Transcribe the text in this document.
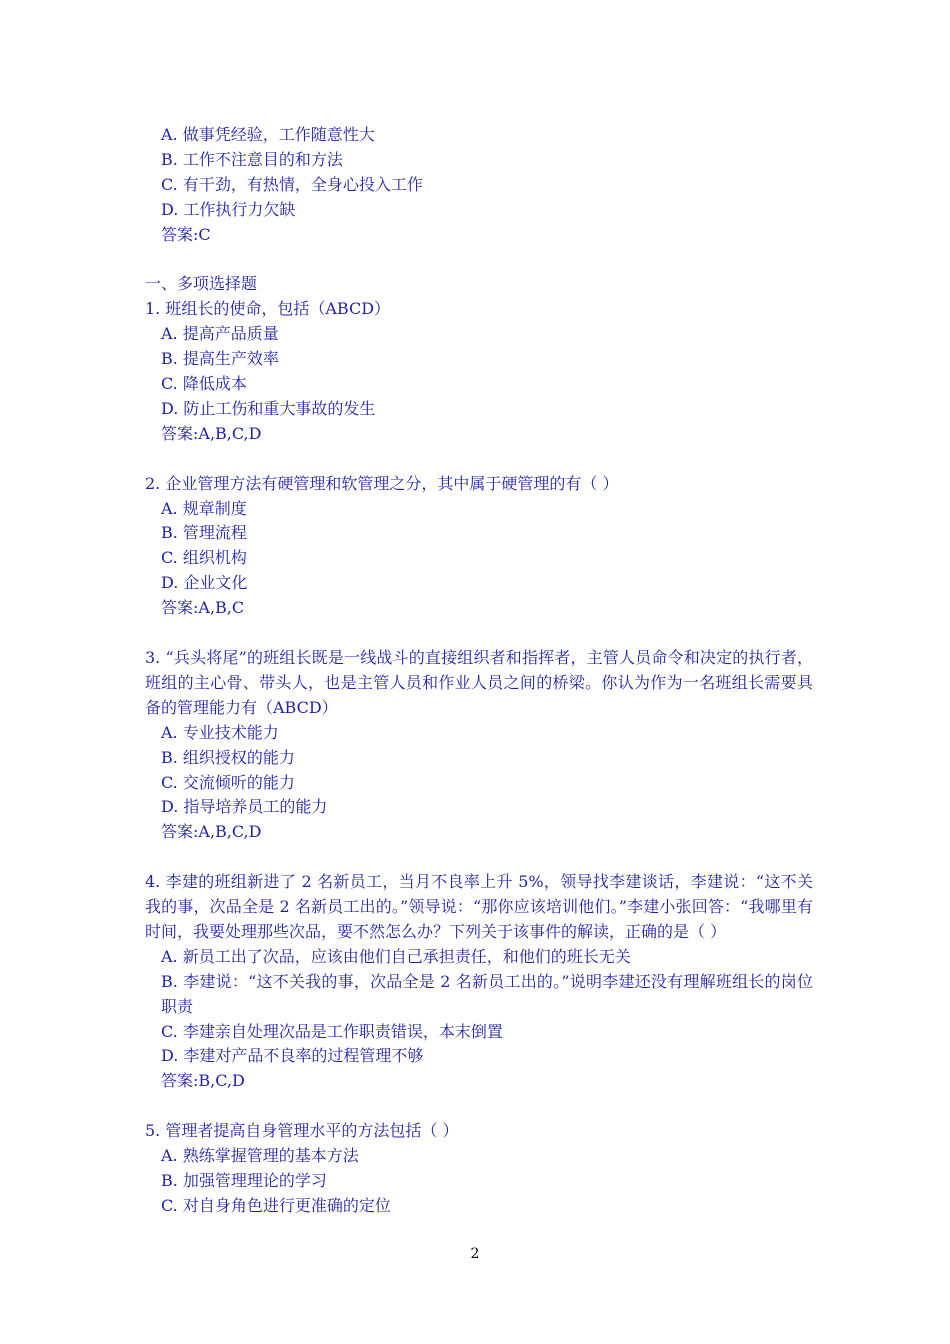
A. 做事凭经验，工作随意性大
B. 工作不注意目的和方法
C. 有干劲，有热情，全身心投入工作
D. 工作执行力欠缺
答案:C
一、多项选择题
1. 班组长的使命，包括（ABCD）
A. 提高产品质量
B. 提高生产效率
C. 降低成本
D. 防止工伤和重大事故的发生
答案:A,B,C,D
2. 企业管理方法有硬管理和软管理之分，其中属于硬管理的有（ ）
A. 规章制度
B. 管理流程
C. 组织机构
D. 企业文化
答案:A,B,C
3. “兵头将尾”的班组长既是一线战斗的直接组织者和指挥者，主管人员命令和决定的执行者，班组的主心骨、带头人，也是主管人员和作业人员之间的桥梁。你认为作为一名班组长需要具备的管理能力有（ABCD）
A. 专业技术能力
B. 组织授权的能力
C. 交流倾听的能力
D. 指导培养员工的能力
答案:A,B,C,D
4. 李建的班组新进了 2 名新员工，当月不良率上升 5%，领导找李建谈话，李建说：“这不关我的事，次品全是 2 名新员工出的。”领导说：“那你应该培训他们。”李建小张回答：“我哪里有时间，我要处理那些次品，要不然怎么办？下列关于该事件的解读，正确的是（ ）
A. 新员工出了次品，应该由他们自己承担责任，和他们的班长无关
B. 李建说：“这不关我的事，次品全是 2 名新员工出的。”说明李建还没有理解班组长的岗位职责
C. 李建亲自处理次品是工作职责错误，本末倒置
D. 李建对产品不良率的过程管理不够
答案:B,C,D
5. 管理者提高自身管理水平的方法包括（ ）
A. 熟练掌握管理的基本方法
B. 加强管理理论的学习
C. 对自身角色进行更准确的定位
2
